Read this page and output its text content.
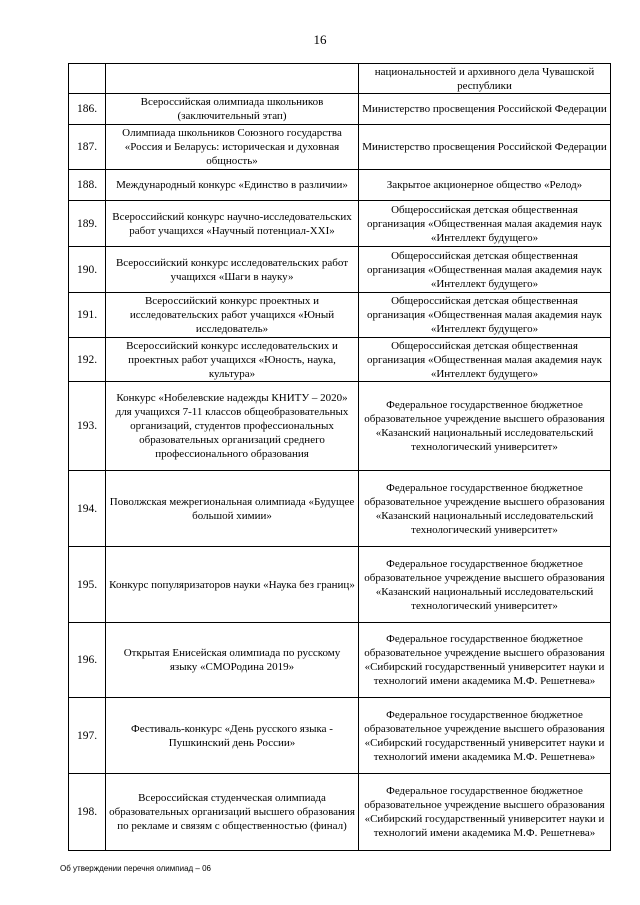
16
		национальностей и архивного дела Чувашской республики
186.	Всероссийская олимпиада школьников (заключительный этап)	Министерство просвещения Российской Федерации
187.	Олимпиада школьников Союзного государства «Россия и Беларусь: историческая и духовная общность»	Министерство просвещения Российской Федерации
188.	Международный конкурс «Единство в различии»	Закрытое акционерное общество «Релод»
189.	Всероссийский конкурс научно-исследовательских работ учащихся «Научный потенциал-XXI»	Общероссийская детская общественная организация «Общественная малая академия наук «Интеллект будущего»
190.	Всероссийский конкурс исследовательских работ учащихся «Шаги в науку»	Общероссийская детская общественная организация «Общественная малая академия наук «Интеллект будущего»
191.	Всероссийский конкурс проектных и исследовательских работ учащихся «Юный исследователь»	Общероссийская детская общественная организация «Общественная малая академия наук «Интеллект будущего»
192.	Всероссийский конкурс исследовательских и проектных работ учащихся «Юность, наука, культура»	Общероссийская детская общественная организация «Общественная малая академия наук «Интеллект будущего»
193.	Конкурс «Нобелевские надежды КНИТУ – 2020» для учащихся 7-11 классов общеобразовательных организаций, студентов профессиональных образовательных организаций среднего профессионального образования	Федеральное государственное бюджетное образовательное учреждение высшего образования «Казанский национальный исследовательский технологический университет»
194.	Поволжская межрегиональная олимпиада «Будущее большой химии»	Федеральное государственное бюджетное образовательное учреждение высшего образования «Казанский национальный исследовательский технологический университет»
195.	Конкурс популяризаторов науки «Наука без границ»	Федеральное государственное бюджетное образовательное учреждение высшего образования «Казанский национальный исследовательский технологический университет»
196.	Открытая Енисейская олимпиада по русскому языку «СМОРодина 2019»	Федеральное государственное бюджетное образовательное учреждение высшего образования «Сибирский государственный университет науки и технологий имени академика М.Ф. Решетнева»
197.	Фестиваль-конкурс «День русского языка - Пушкинский день России»	Федеральное государственное бюджетное образовательное учреждение высшего образования «Сибирский государственный университет науки и технологий имени академика М.Ф. Решетнева»
198.	Всероссийская студенческая олимпиада образовательных организаций высшего образования по рекламе и связям с общественностью (финал)	Федеральное государственное бюджетное образовательное учреждение высшего образования «Сибирский государственный университет науки и технологий имени академика М.Ф. Решетнева»
Об утверждении перечня олимпиад – 06
